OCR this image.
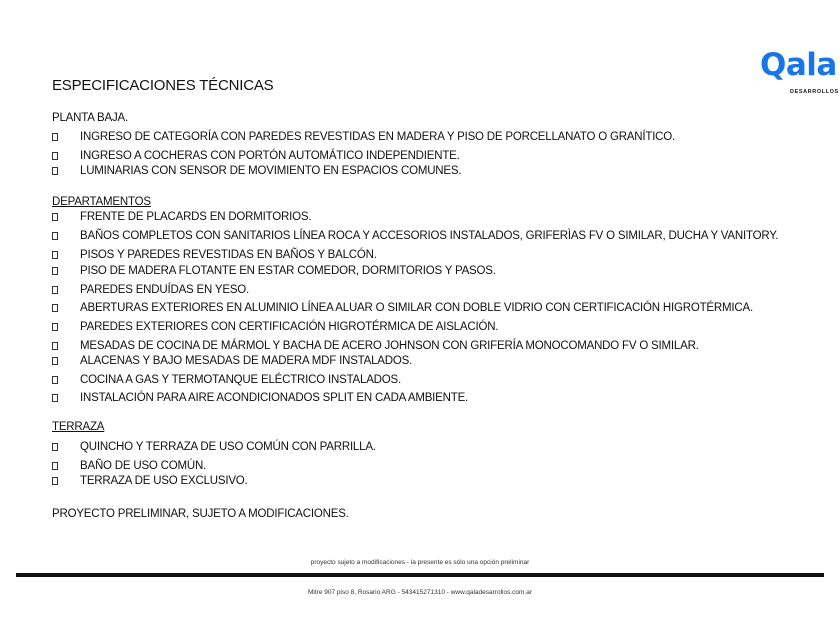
ESPECIFICACIONES TÉCNICAS
Qala
DESARROLLOS
PLANTA BAJA.
INGRESO DE CATEGORÍA CON PAREDES REVESTIDAS EN MADERA Y PISO DE PORCELLANATO O GRANÍTICO.
INGRESO A COCHERAS CON PORTÓN AUTOMÁTICO INDEPENDIENTE.
LUMINARIAS CON SENSOR DE MOVIMIENTO EN ESPACIOS COMUNES.
DEPARTAMENTOS
FRENTE DE PLACARDS EN DORMITORIOS.
BAÑOS COMPLETOS CON SANITARIOS LÍNEA ROCA Y ACCESORIOS INSTALADOS, GRIFERÌAS FV O SIMILAR, DUCHA Y VANITORY.
PISOS Y PAREDES REVESTIDAS EN BAÑOS Y BALCÓN.
PISO DE MADERA FLOTANTE EN ESTAR COMEDOR, DORMITORIOS Y PASOS.
PAREDES ENDUÍDAS EN YESO.
ABERTURAS EXTERIORES EN ALUMINIO LÍNEA ALUAR O SIMILAR CON DOBLE VIDRIO CON CERTIFICACIÓN HIGROTÉRMICA.
PAREDES EXTERIORES CON CERTIFICACIÓN HIGROTÉRMICA DE AISLACIÓN.
MESADAS DE COCINA DE MÁRMOL Y BACHA DE ACERO JOHNSON CON GRIFERÍA MONOCOMANDO FV O SIMILAR.
ALACENAS Y BAJO MESADAS DE MADERA MDF INSTALADOS.
COCINA A GAS Y TERMOTANQUE ELÉCTRICO INSTALADOS.
INSTALACIÓN PARA AIRE ACONDICIONADOS SPLIT EN CADA AMBIENTE.
TERRAZA
QUINCHO Y TERRAZA DE USO COMÚN CON PARRILLA.
BAÑO DE USO COMÚN.
TERRAZA DE USO EXCLUSIVO.
PROYECTO PRELIMINAR, SUJETO A MODIFICACIONES.
proyecto sujeto a modificaciones - la presente es sólo una opción preliminar
Mitre 907 piso 8, Rosario ARG - 543415271310 - www.qaladesarrollos.com.ar
